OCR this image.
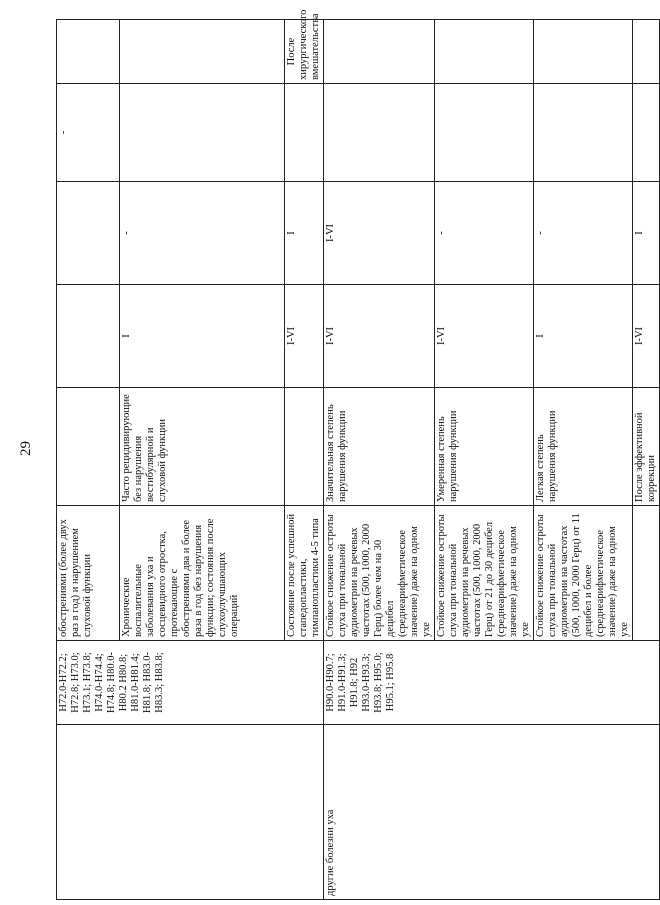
29
	H72.0-H72.2; H72.8; H73.0; H73.1; H73.8; H74.0-H74.4; H74.8; H80.0-H80.2 H80.8; H81.0-H81.4; H81.8; H83.0-H83.3; H83.8;	обострениями (более двух раз в год) и нарушением слуховой функции				-	
		Хронические воспалительные заболевания уха и сосцевидного отростка, протекающие с обострениями два и более раза в год без нарушения функции; состояния после слухоулучшающих операций	Часто рецидивирующие без нарушения вестибулярной и слуховой функции	I	-		
		Состояние после успешной стапедопластики, тимпанопластики 4-5 типа		I-VI	I		После хирургического вмешательства
другие болезни уха	H90.0-H90.7; H91.0-H91.3; H91.8; H92 H93.0-H93.3; H93.8; H95.0; H95.1; H95.8	Стойкое снижение остроты слуха при тональной аудиометрии на речевых частотах (500, 1000, 2000 Герц) более чем на 30 децибел (среднеарифметическое значение) даже на одном ухе	Значительная степень нарушения функции	I-VI	I-VI		
		Стойкое снижение остроты слуха при тональной аудиометрии на речевых частотах (500, 1000, 2000 Герц) от 21 до 30 децибел (среднеарифметическое значение) даже на одном ухе	Умеренная степень нарушения функции	I-VI	-		
		Стойкое снижение остроты слуха при тональной аудиометрии на частотах (500, 1000, 2000 Герц) от 11 децибел и более (среднеарифметическое значение) даже на одном ухе	Легкая степень нарушения функции	I	-		
			После эффективной коррекции	I-VI	I		
